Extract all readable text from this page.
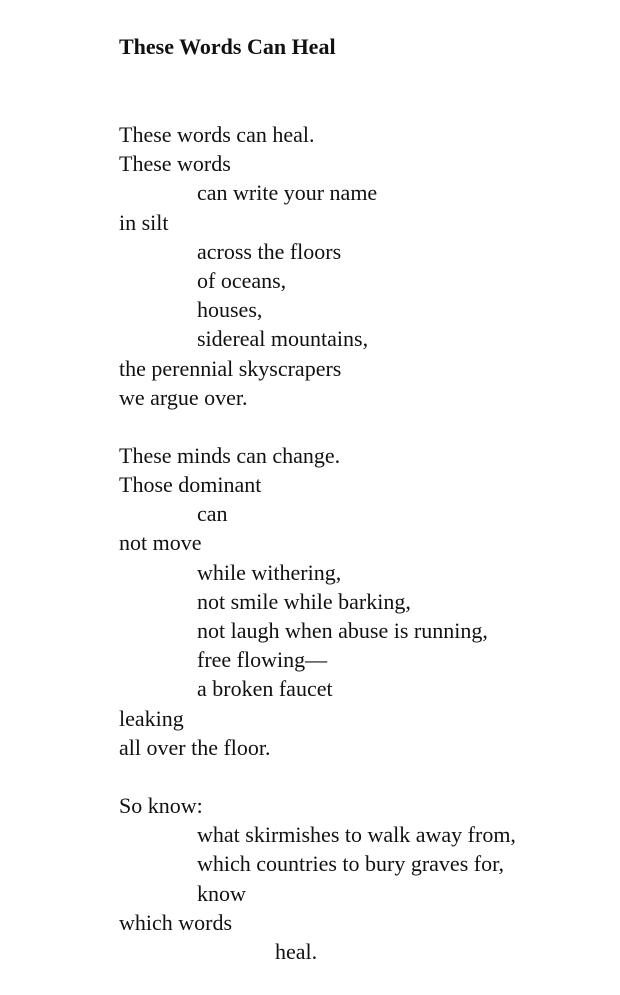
These Words Can Heal
These words can heal.
These words
can write your name
in silt
across the floors
of oceans,
houses,
sidereal mountains,
the perennial skyscrapers
we argue over.
These minds can change.
Those dominant
can
not move
while withering,
not smile while barking,
not laugh when abuse is running,
free flowing—
a broken faucet
leaking
all over the floor.
So know:
what skirmishes to walk away from,
which countries to bury graves for,
know
which words
heal.
